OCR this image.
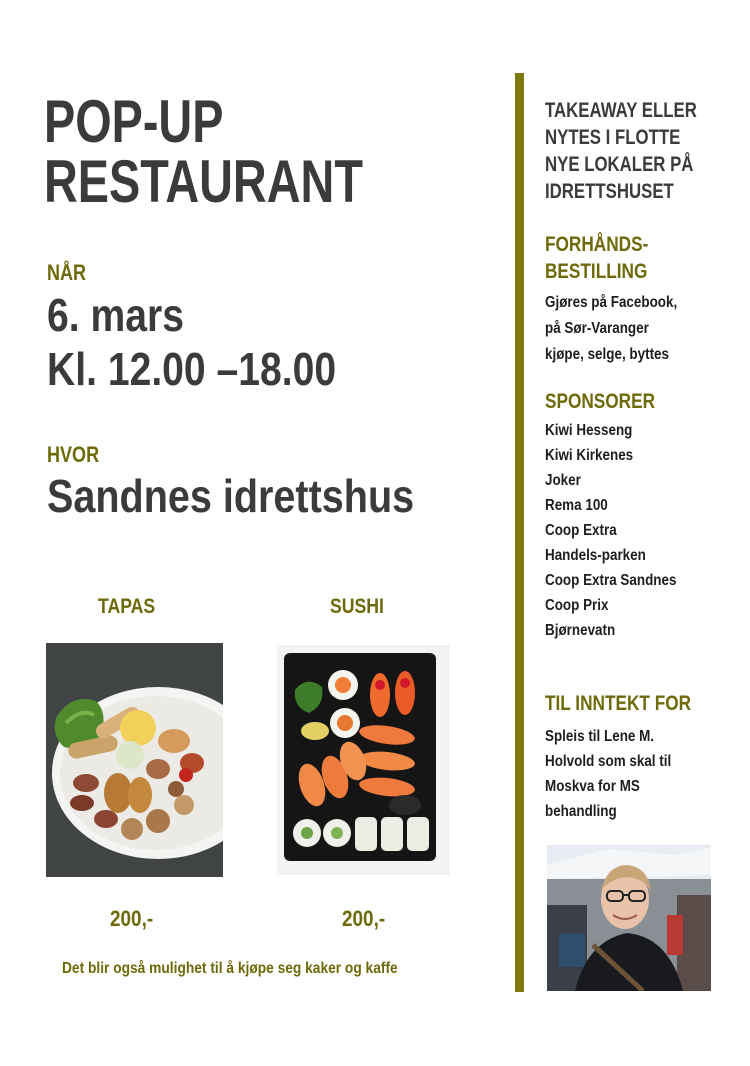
POP-UP
RESTAURANT
NÅR
6. mars
Kl. 12.00 –18.00
HVOR
Sandnes idrettshus
TAPAS	SUSHI
200,-	200,-
Det blir også mulighet til å kjøpe seg kaker og kaffe
TAKEAWAY ELLER
NYTES I FLOTTE
NYE LOKALER PÅ
IDRETTSHUSET
FORHÅNDS-
BESTILLING
Gjøres på Facebook,
på Sør-Varanger
kjøpe, selge, byttes
SPONSORER
Kiwi Hesseng
Kiwi Kirkenes
Joker
Rema 100
Coop Extra
Handels-parken
Coop Extra Sandnes
Coop Prix
Bjørnevatn
TIL INNTEKT FOR
Spleis til Lene M.
Holvold som skal til
Moskva for MS
behandling
